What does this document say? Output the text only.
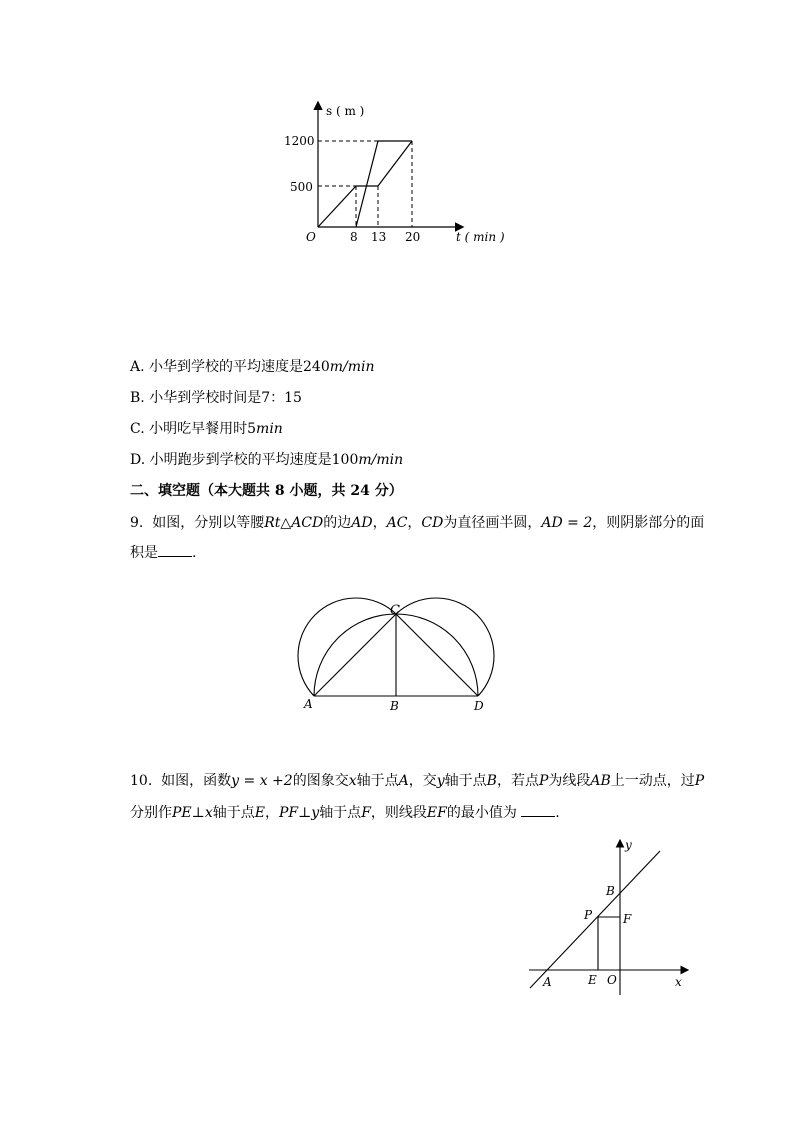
s ( m )
t ( min )
O
1200
500
8 13 20
A. 小华到学校的平均速度是240m/min
B. 小华到学校时间是7：15
C. 小明吃早餐用时5min
D. 小明跑步到学校的平均速度是100m/min
二、填空题（本大题共 8 小题，共 24 分）
9. 如图，分别以等腰Rt△ACD的边AD，AC，CD为直径画半圆，AD = 2，则阴影部分的面
积是 .
C
A	B	D
10. 如图，函数y = x +2的图象交x轴于点A，交y轴于点B，若点P为线段AB上一动点，过P
分别作PE⊥x轴于点E，PF⊥y轴于点F，则线段EF的最小值为	.
y
B
P	F
A	E O	x
